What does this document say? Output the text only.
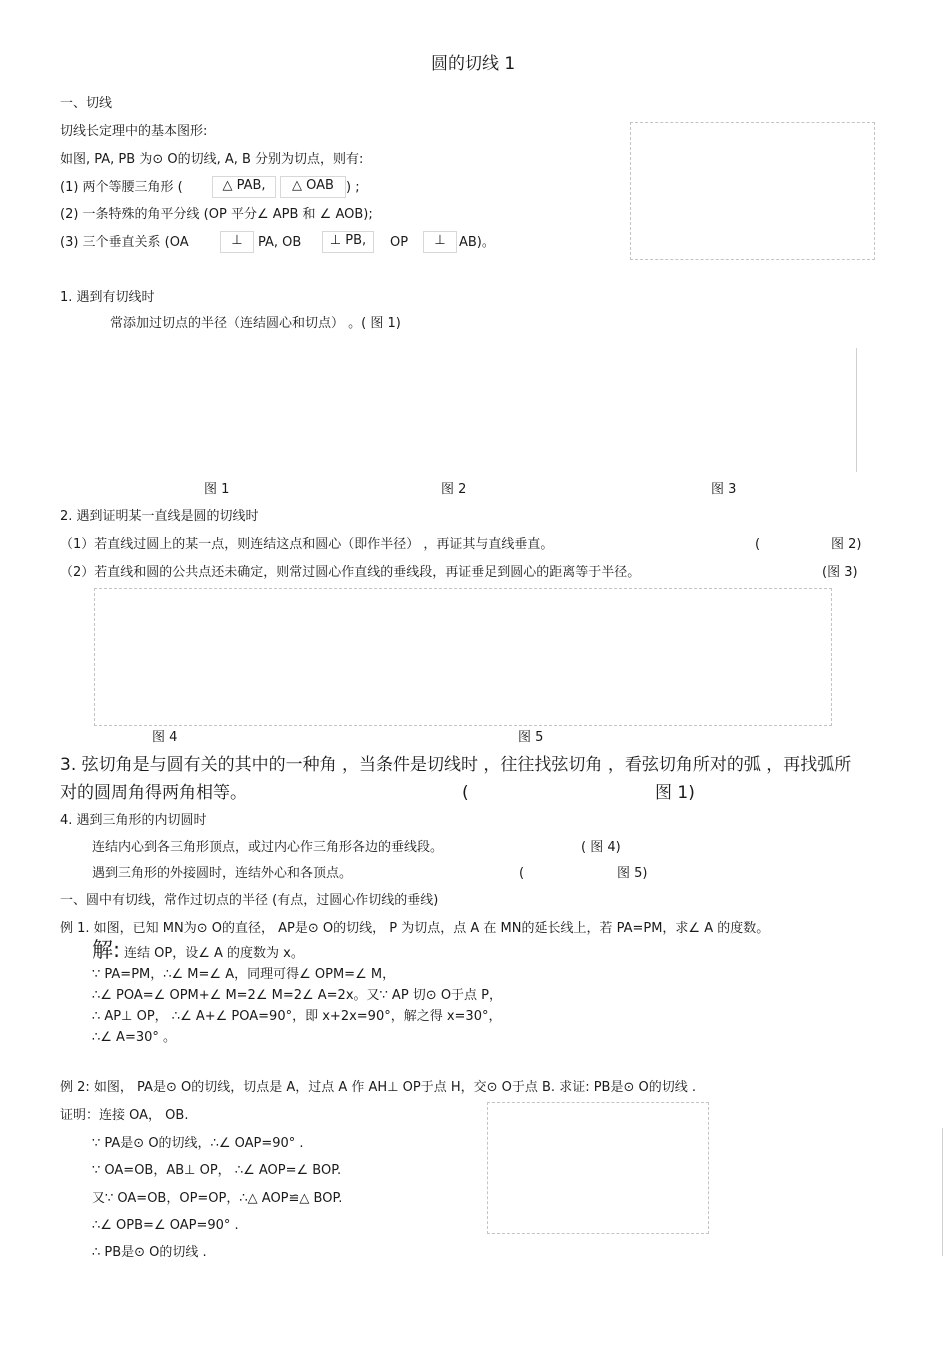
圆的切线 1
一、切线
切线长定理中的基本图形:
如图, PA, PB 为⊙ O的切线, A, B 分别为切点，则有:
(1) 两个等腰三角形 (	△ PAB,	△ OAB ) ;
(2) 一条特殊的角平分线 (OP 平分∠ APB 和 ∠ AOB);
(3) 三个垂直关系 (OA	⊥	PA, OB	⊥ PB,	OP	⊥	AB)。
1. 遇到有切线时
常添加过切点的半径（连结圆心和切点） 。( 图 1)
图 1	图 2	图 3
2. 遇到证明某一直线是圆的切线时
（1）若直线过圆上的某一点，则连结这点和圆心（即作半径） ，再证其与直线垂直。	(	图 2)
（2）若直线和圆的公共点还未确定，则常过圆心作直线的垂线段，再证垂足到圆心的距离等于半径。	(图 3)
图 4	图 5
3. 弦切角是与圆有关的其中的一种角 ，当条件是切线时 ，往往找弦切角 ，看弦切角所对的弧 ，再找弧所
对的圆周角得两角相等。	(	图 1)
4. 遇到三角形的内切圆时
连结内心到各三角形顶点，或过内心作三角形各边的垂线段。	( 图 4)
遇到三角形的外接圆时，连结外心和各顶点。	(	图 5)
一、圆中有切线，常作过切点的半径 (有点，过圆心作切线的垂线)
例 1. 如图，已知 MN为⊙ O的直径， AP是⊙ O的切线， P 为切点，点 A 在 MN的延长线上，若 PA=PM，求∠ A 的度数。
解: 连结 OP，设∠ A 的度数为 x。
∵ PA=PM，∴∠ M=∠ A，同理可得∠ OPM=∠ M，
∴∠ POA=∠ OPM+∠ M=2∠ M=2∠ A=2x。又∵ AP 切⊙ O于点 P，
∴ AP⊥ OP， ∴∠ A+∠ POA=90°，即 x+2x=90°，解之得 x=30°，
∴∠ A=30° 。
例 2: 如图， PA是⊙ O的切线，切点是 A，过点 A 作 AH⊥ OP于点 H，交⊙ O于点 B. 求证: PB是⊙ O的切线 .
证明：连接 OA， OB.
∵ PA是⊙ O的切线，∴∠ OAP=90° .
∵ OA=OB，AB⊥ OP， ∴∠ AOP=∠ BOP.
又∵ OA=OB，OP=OP，∴△ AOP≌△ BOP.
∴∠ OPB=∠ OAP=90° .
∴ PB是⊙ O的切线 .
